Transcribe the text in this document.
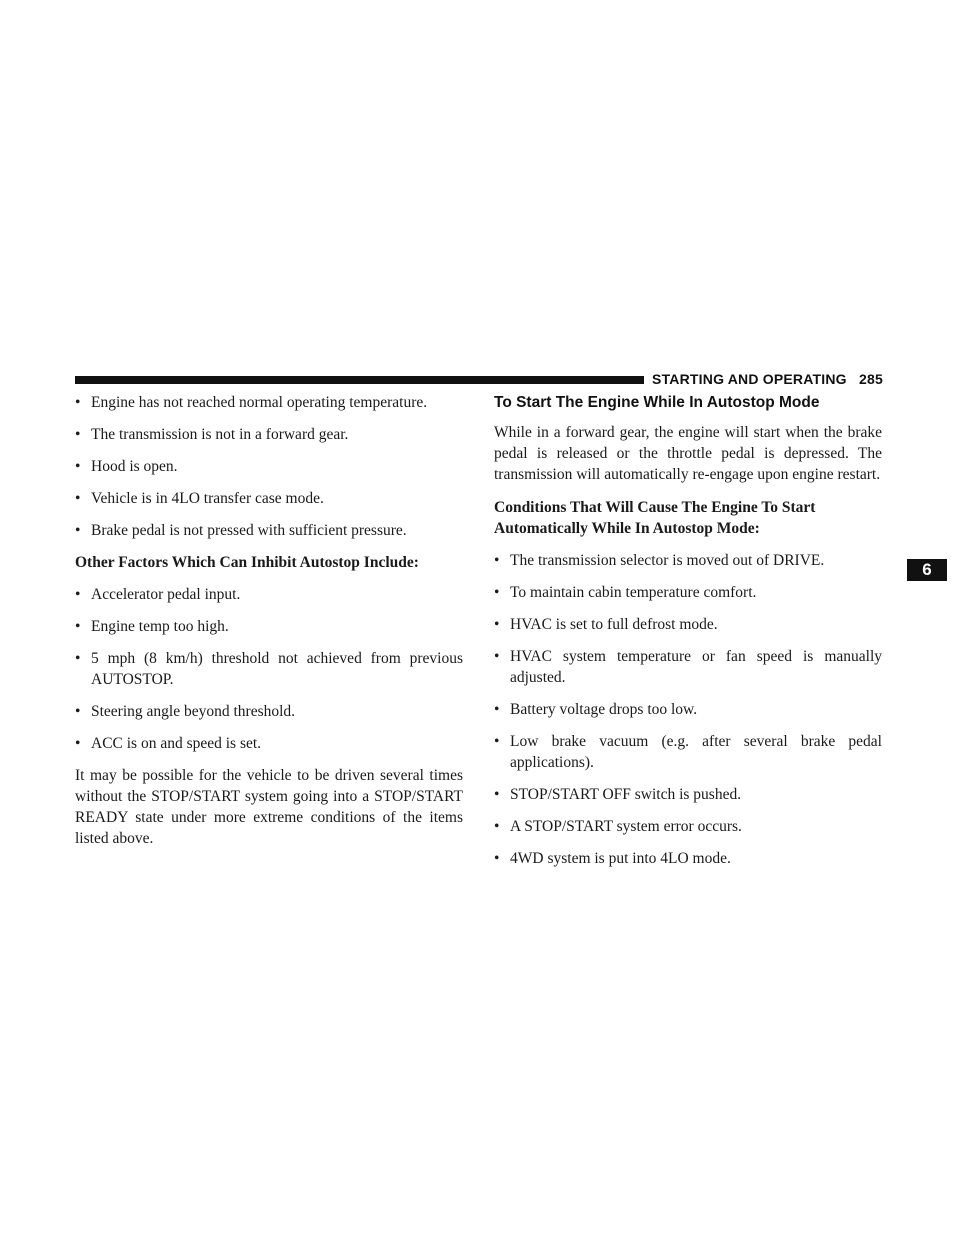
STARTING AND OPERATING 285
6
• Engine has not reached normal operating temperature.
• The transmission is not in a forward gear.
• Hood is open.
• Vehicle is in 4LO transfer case mode.
• Brake pedal is not pressed with sufficient pressure.
Other Factors Which Can Inhibit Autostop Include:
• Accelerator pedal input.
• Engine temp too high.
• 5 mph (8 km/h) threshold not achieved from previous AUTOSTOP.
• Steering angle beyond threshold.
• ACC is on and speed is set.

It may be possible for the vehicle to be driven several times without the STOP/START system going into a STOP/START READY state under more extreme conditions of the items listed above.

To Start The Engine While In Autostop Mode

While in a forward gear, the engine will start when the brake pedal is released or the throttle pedal is depressed. The transmission will automatically re-engage upon engine restart.

Conditions That Will Cause The Engine To Start Automatically While In Autostop Mode:
• The transmission selector is moved out of DRIVE.
• To maintain cabin temperature comfort.
• HVAC is set to full defrost mode.
• HVAC system temperature or fan speed is manually adjusted.
• Battery voltage drops too low.
• Low brake vacuum (e.g. after several brake pedal applications).
• STOP/START OFF switch is pushed.
• A STOP/START system error occurs.
• 4WD system is put into 4LO mode.
